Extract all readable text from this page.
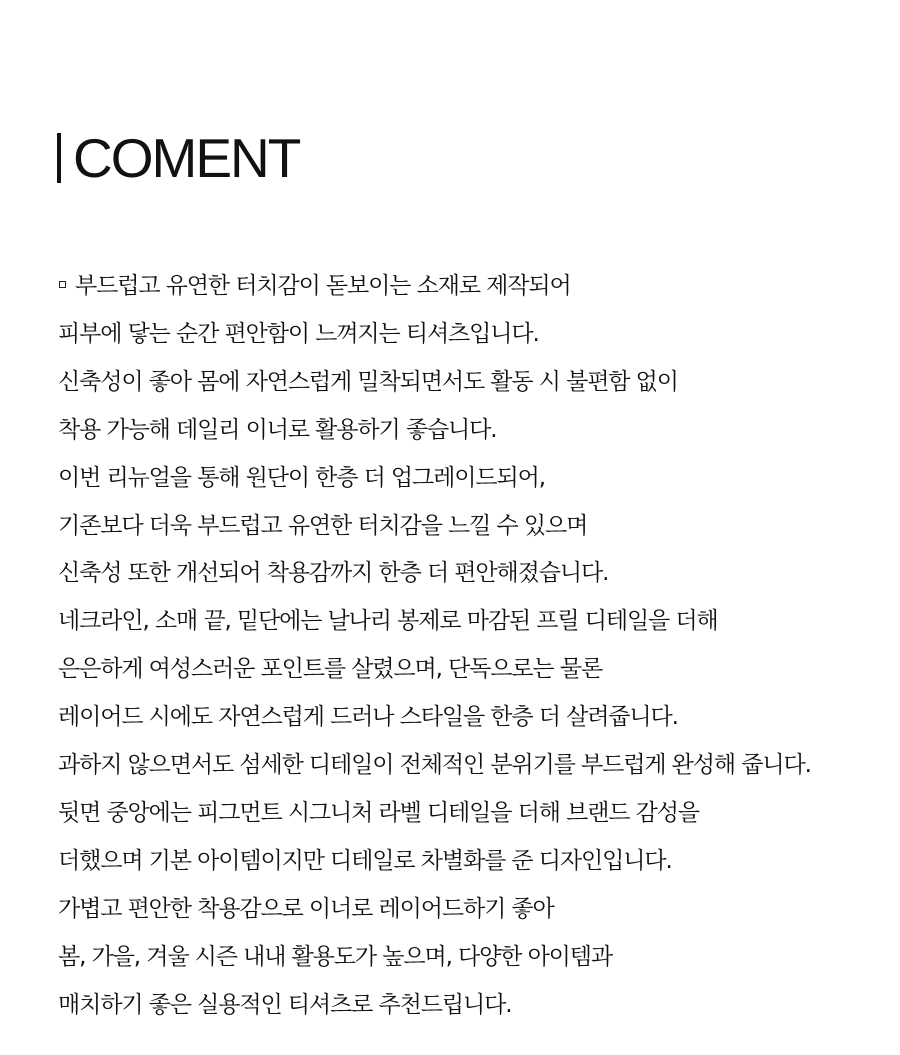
COMENT
부드럽고 유연한 터치감이 돋보이는 소재로 제작되어
피부에 닿는 순간 편안함이 느껴지는 티셔츠입니다.
신축성이 좋아 몸에 자연스럽게 밀착되면서도 활동 시 불편함 없이
착용 가능해 데일리 이너로 활용하기 좋습니다.
이번 리뉴얼을 통해 원단이 한층 더 업그레이드되어,
기존보다 더욱 부드럽고 유연한 터치감을 느낄 수 있으며
신축성 또한 개선되어 착용감까지 한층 더 편안해졌습니다.
네크라인, 소매 끝, 밑단에는 날나리 봉제로 마감된 프릴 디테일을 더해
은은하게 여성스러운 포인트를 살렸으며, 단독으로는 물론
레이어드 시에도 자연스럽게 드러나 스타일을 한층 더 살려줍니다.
과하지 않으면서도 섬세한 디테일이 전체적인 분위기를 부드럽게 완성해 줍니다.
뒷면 중앙에는 피그먼트 시그니처 라벨 디테일을 더해 브랜드 감성을
더했으며 기본 아이템이지만 디테일로 차별화를 준 디자인입니다.
가볍고 편안한 착용감으로 이너로 레이어드하기 좋아
봄, 가을, 겨울 시즌 내내 활용도가 높으며, 다양한 아이템과
매치하기 좋은 실용적인 티셔츠로 추천드립니다.
